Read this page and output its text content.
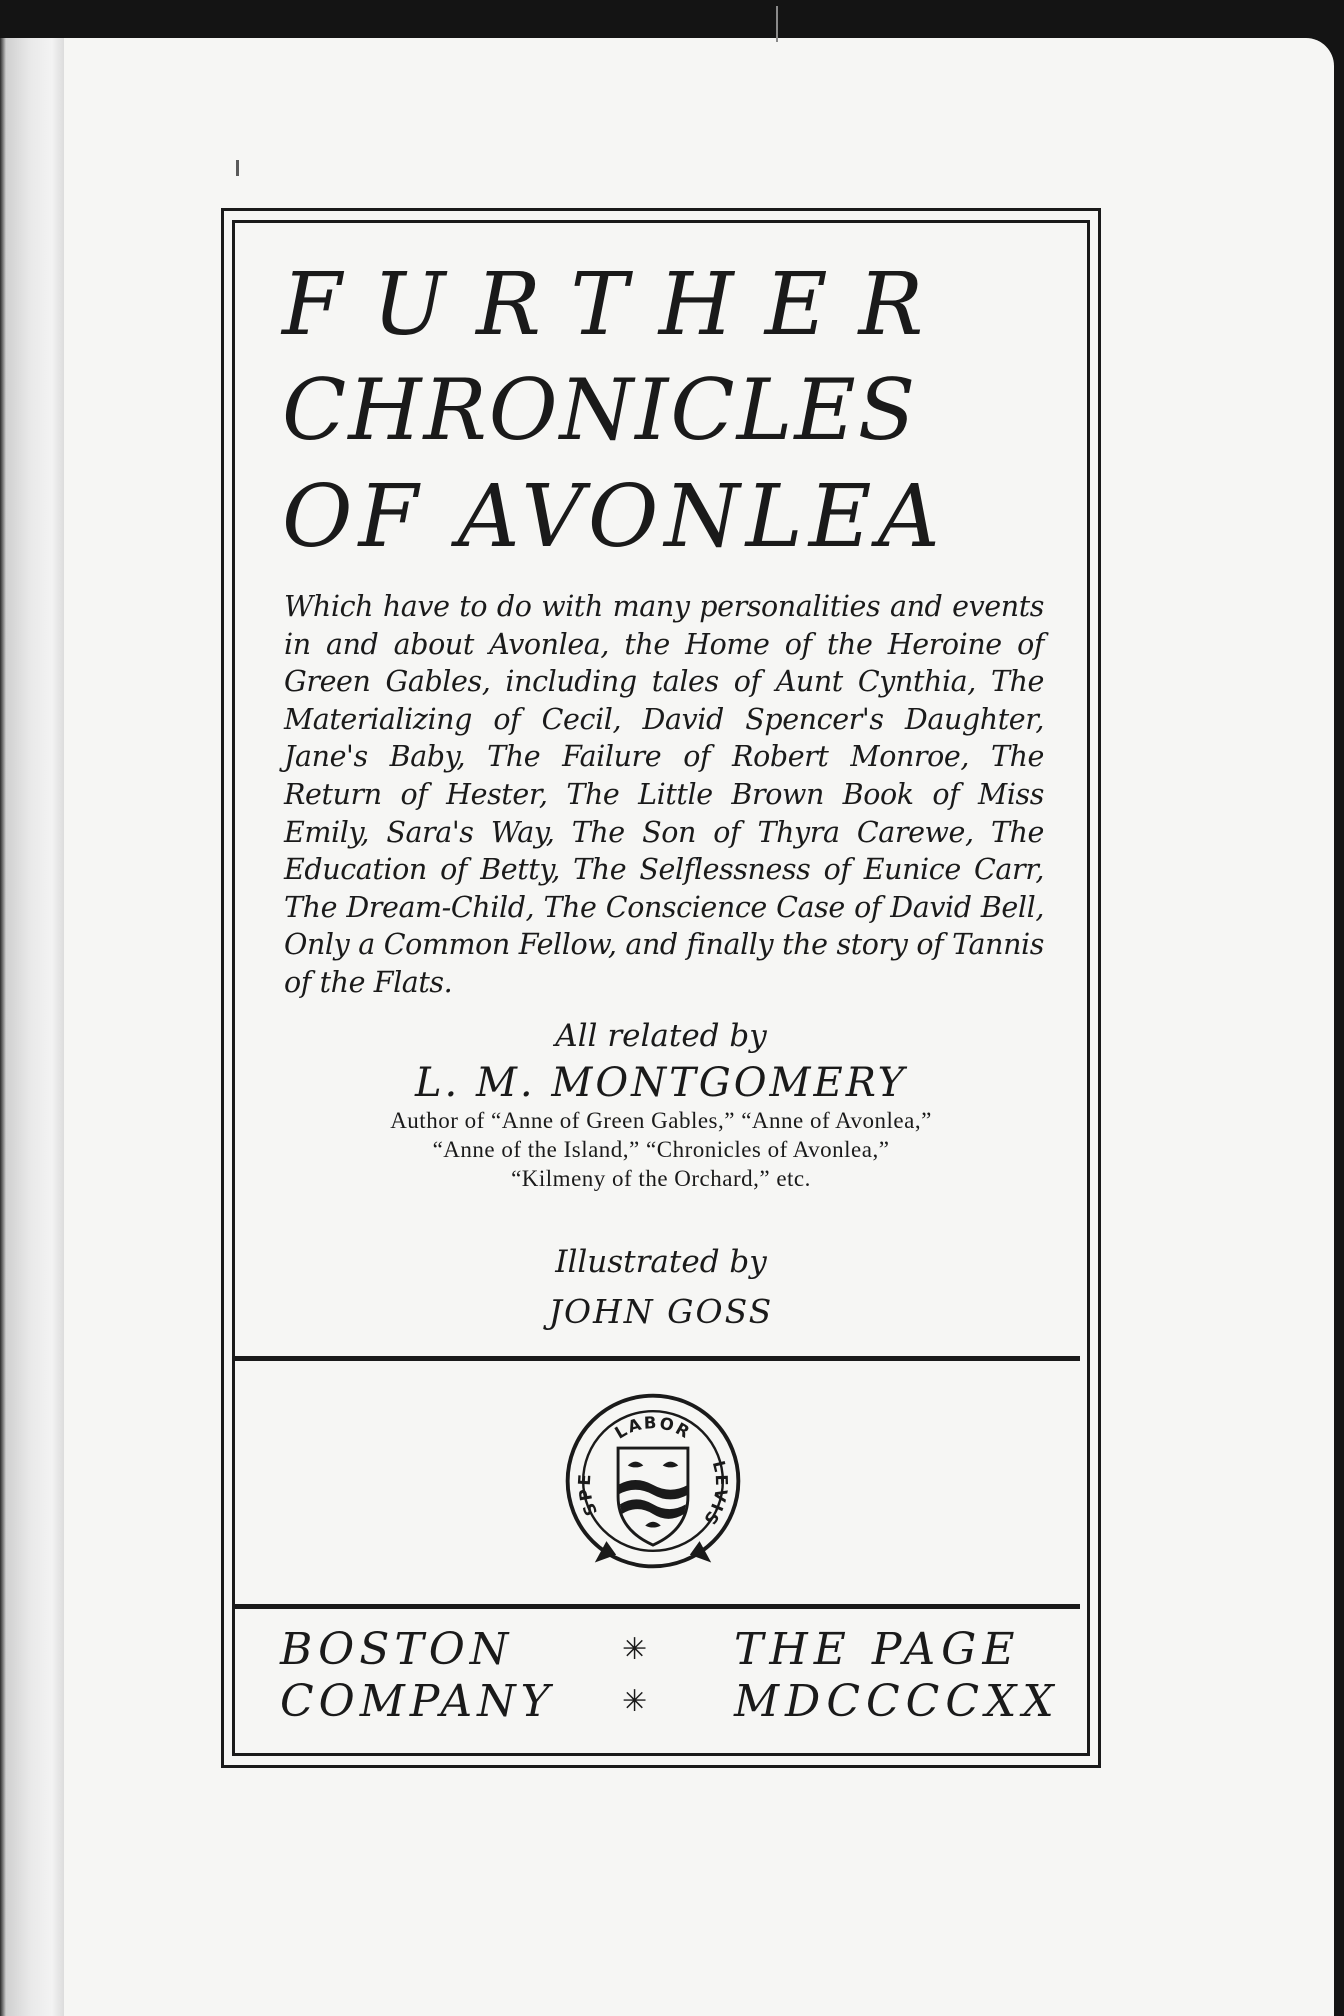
FURTHER
CHRONICLES
OF AVONLEA
Which have to do with many personalities and events in and about Avonlea, the Home of the Heroine of Green Gables, including tales of Aunt Cynthia, The Materializing of Cecil, David Spencer's Daughter, Jane's Baby, The Failure of Robert Monroe, The Return of Hester, The Little Brown Book of Miss Emily, Sara's Way, The Son of Thyra Carewe, The Education of Betty, The Selflessness of Eunice Carr, The Dream-Child, The Conscience Case of David Bell, Only a Common Fellow, and finally the story of Tannis of the Flats.
All related by
L. M. MONTGOMERY
Author of “Anne of Green Gables,” “Anne of Avonlea,”
“Anne of the Island,” “Chronicles of Avonlea,”
“Kilmeny of the Orchard,” etc.
Illustrated by
JOHN GOSS
LABOR
SPE
LEVIS
BOSTON
COMPANY
✳
✳
THE PAGE
MDCCCCXX
